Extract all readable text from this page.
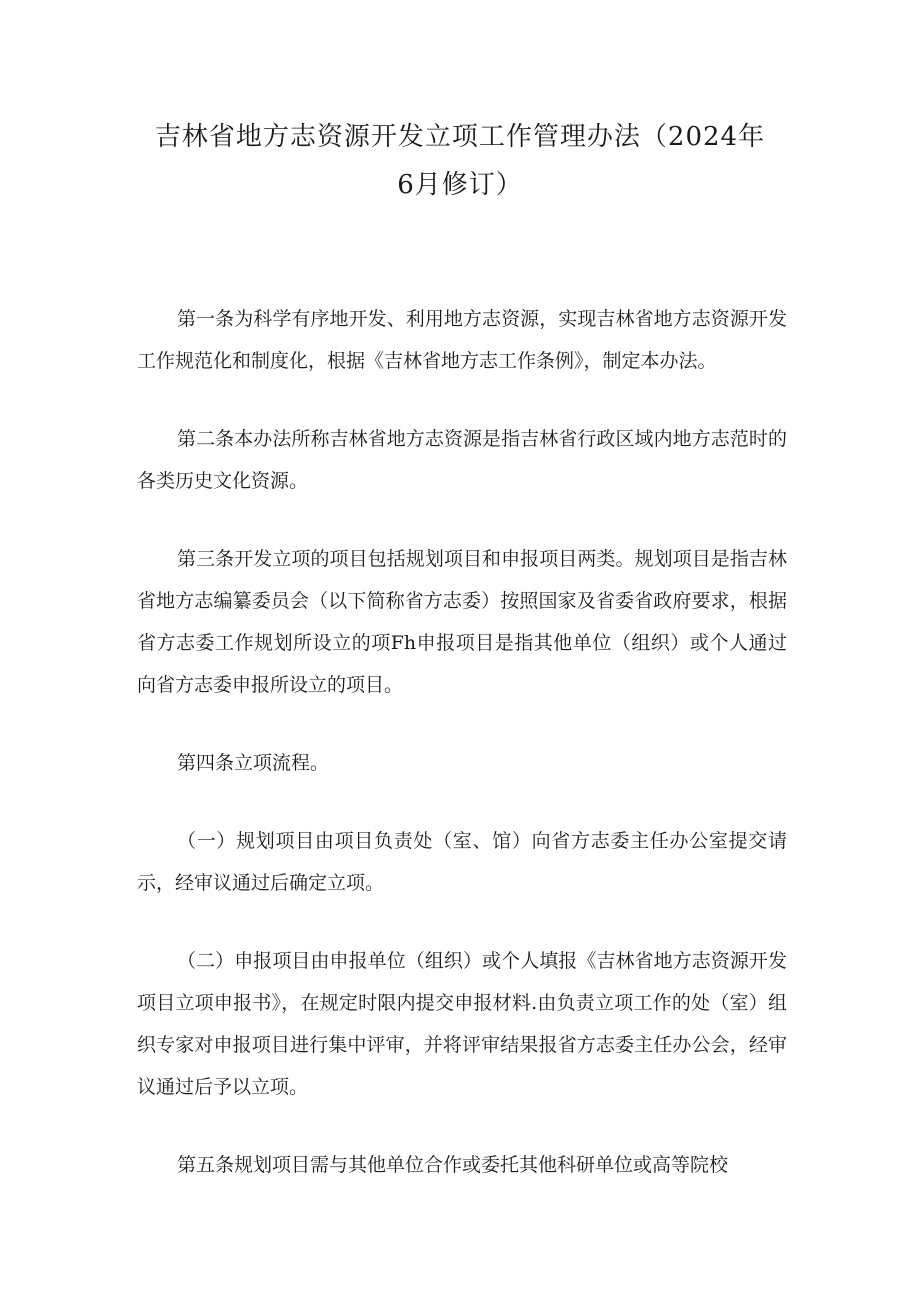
吉林省地方志资源开发立项工作管理办法（2024年
6月修订）

第一条为科学有序地开发、利用地方志资源，实现吉林省地方志资源开发工作规范化和制度化，根据《吉林省地方志工作条例》，制定本办法。

第二条本办法所称吉林省地方志资源是指吉林省行政区域内地方志范时的各类历史文化资源。

第三条开发立项的项目包括规划项目和申报项目两类。规划项目是指吉林省地方志编纂委员会（以下简称省方志委）按照国家及省委省政府要求，根据省方志委工作规划所设立的项Fh申报项目是指其他单位（组织）或个人通过向省方志委申报所设立的项目。

第四条立项流程。

（一）规划项目由项目负责处（室、馆）向省方志委主任办公室提交请示，经审议通过后确定立项。

（二）申报项目由申报单位（组织）或个人填报《吉林省地方志资源开发项目立项申报书》，在规定时限内提交申报材料.由负责立项工作的处（室）组织专家对申报项目进行集中评审，并将评审结果报省方志委主任办公会，经审议通过后予以立项。

第五条规划项目需与其他单位合作或委托其他科研单位或高等院校
